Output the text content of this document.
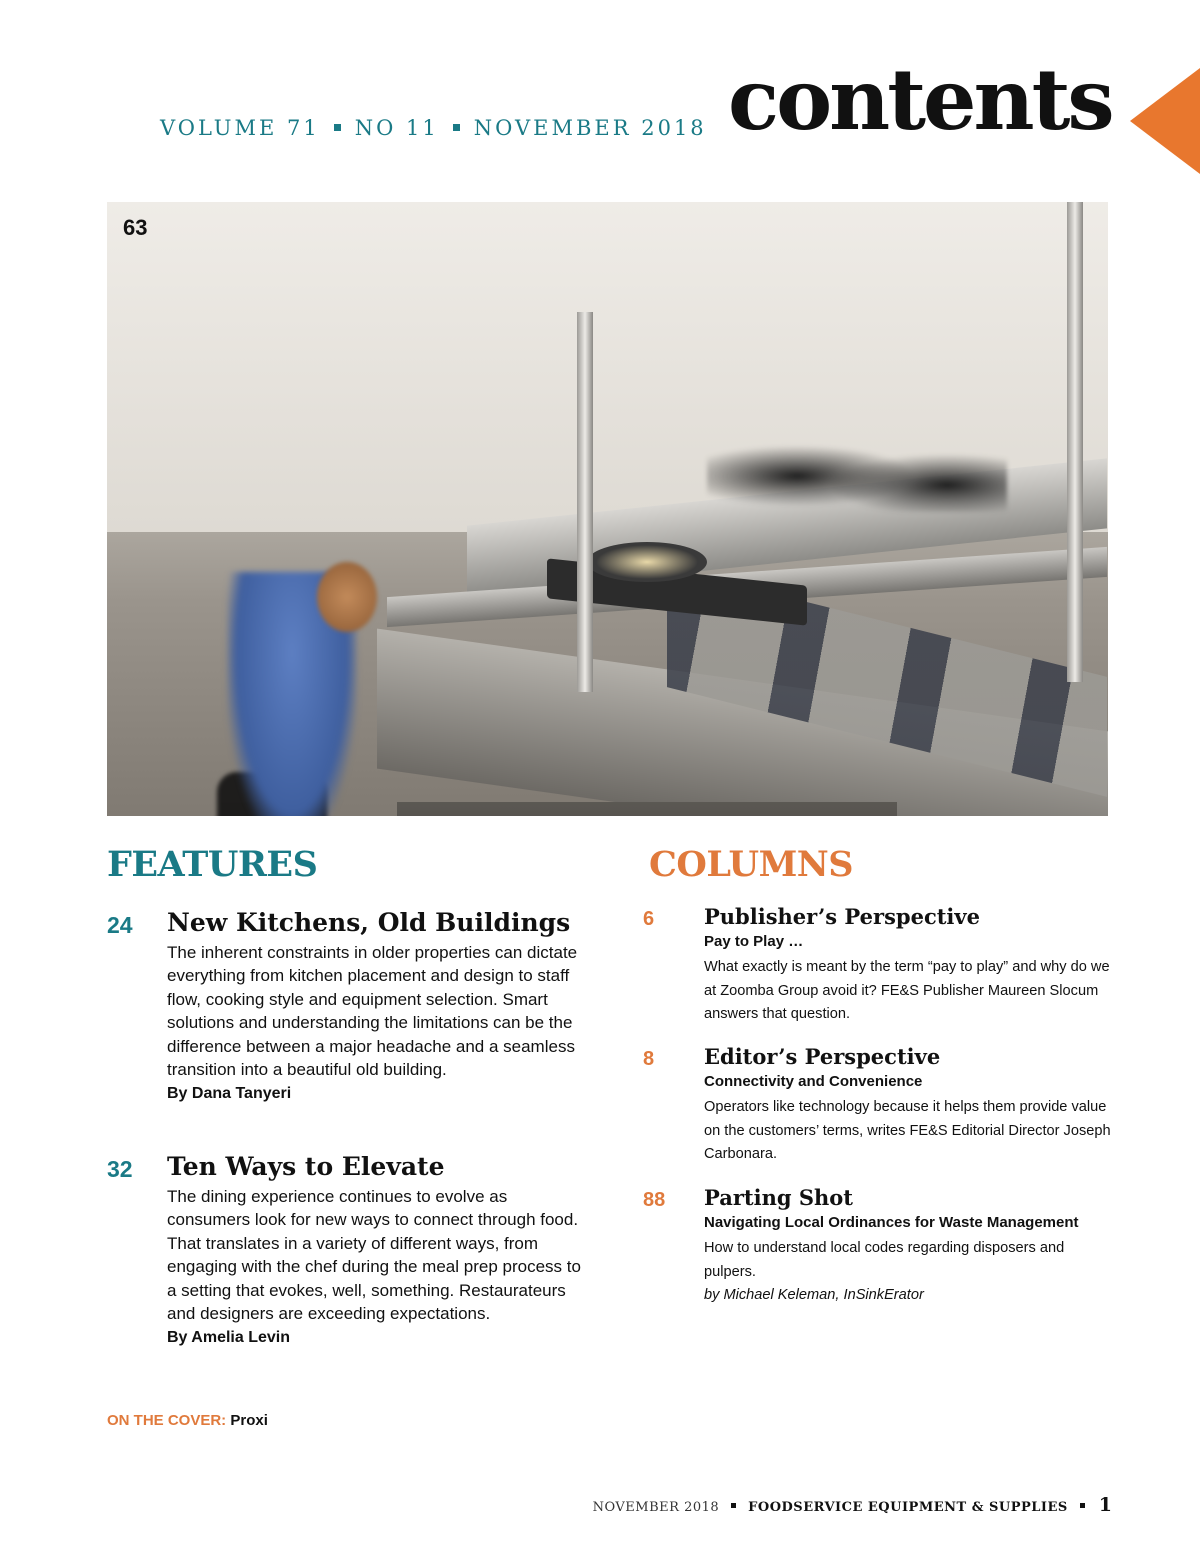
VOLUME 71 NO 11 NOVEMBER 2018 contents
63
FEATURES	COLUMNS
24 New Kitchens, Old Buildings
The inherent constraints in older properties can dictate everything from kitchen placement and design to staff flow, cooking style and equipment selection. Smart solutions and understanding the limitations can be the difference between a major headache and a seamless transition into a beautiful old building.
By Dana Tanyeri
32 Ten Ways to Elevate
The dining experience continues to evolve as consumers look for new ways to connect through food. That translates in a variety of different ways, from engaging with the chef during the meal prep process to a setting that evokes, well, something. Restaurateurs and designers are exceeding expectations.
By Amelia Levin
6 Publisher’s Perspective
Pay to Play …
What exactly is meant by the term “pay to play” and why do we at Zoomba Group avoid it? FE&S Publisher Maureen Slocum answers that question.
8 Editor’s Perspective
Connectivity and Convenience
Operators like technology because it helps them provide value on the customers’ terms, writes FE&S Editorial Director Joseph Carbonara.
88 Parting Shot
Navigating Local Ordinances for Waste Management
How to understand local codes regarding disposers and pulpers.
by Michael Keleman, InSinkErator
ON THE COVER: Proxi
NOVEMBER 2018 FOODSERVICE EQUIPMENT & SUPPLIES 1
